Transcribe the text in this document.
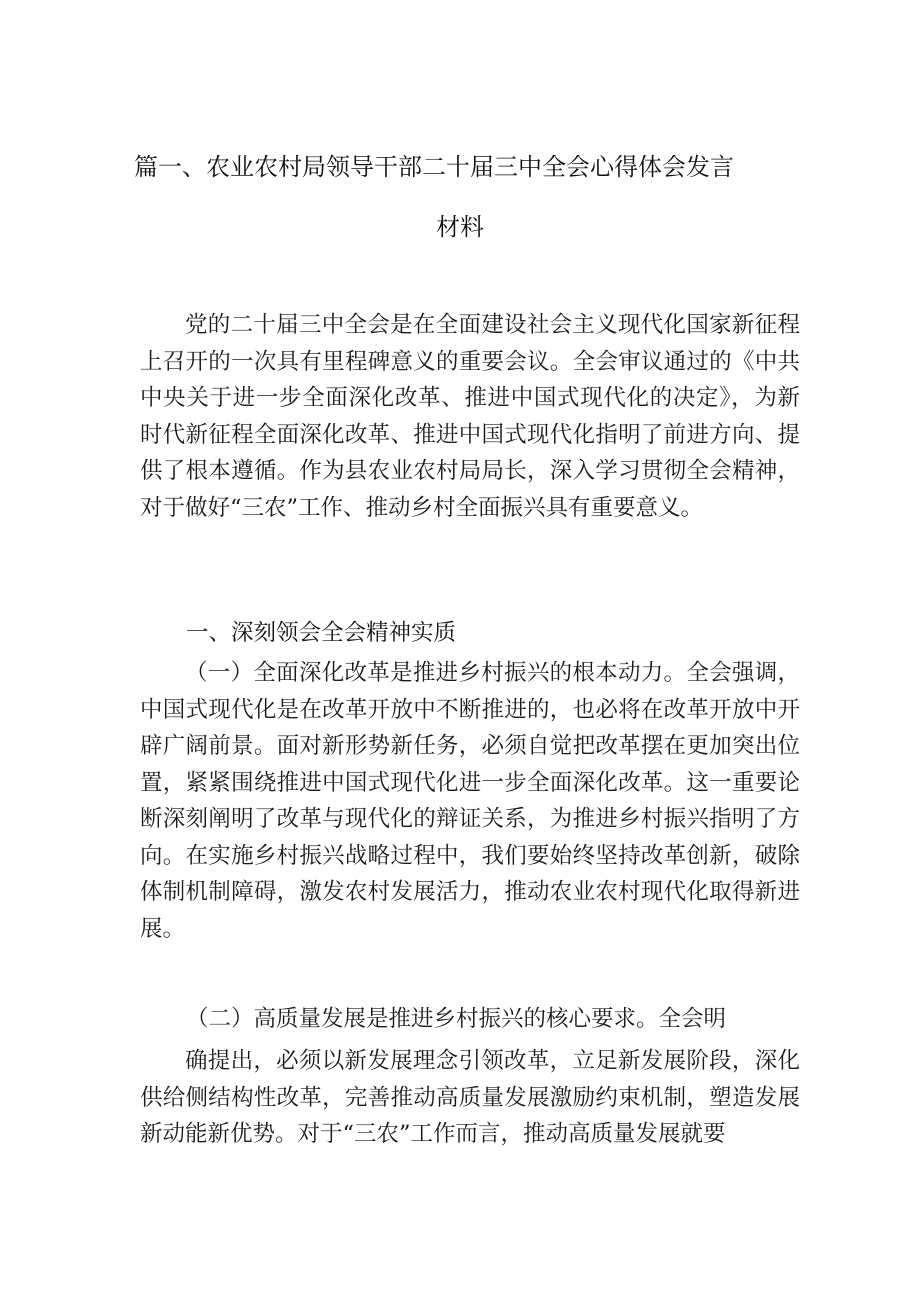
篇一、农业农村局领导干部二十届三中全会心得体会发言
材料
党的二十届三中全会是在全面建设社会主义现代化国家新征程上召开的一次具有里程碑意义的重要会议。全会审议通过的《中共中央关于进一步全面深化改革、推进中国式现代化的决定》，为新时代新征程全面深化改革、推进中国式现代化指明了前进方向、提供了根本遵循。作为县农业农村局局长，深入学习贯彻全会精神，对于做好“三农”工作、推动乡村全面振兴具有重要意义。
一、深刻领会全会精神实质
（一）全面深化改革是推进乡村振兴的根本动力。全会强调，中国式现代化是在改革开放中不断推进的，也必将在改革开放中开辟广阔前景。面对新形势新任务，必须自觉把改革摆在更加突出位置，紧紧围绕推进中国式现代化进一步全面深化改革。这一重要论断深刻阐明了改革与现代化的辩证关系，为推进乡村振兴指明了方向。在实施乡村振兴战略过程中，我们要始终坚持改革创新，破除体制机制障碍，激发农村发展活力，推动农业农村现代化取得新进展。
（二）高质量发展是推进乡村振兴的核心要求。全会明
确提出，必须以新发展理念引领改革，立足新发展阶段，深化供给侧结构性改革，完善推动高质量发展激励约束机制，塑造发展新动能新优势。对于“三农”工作而言，推动高质量发展就要
